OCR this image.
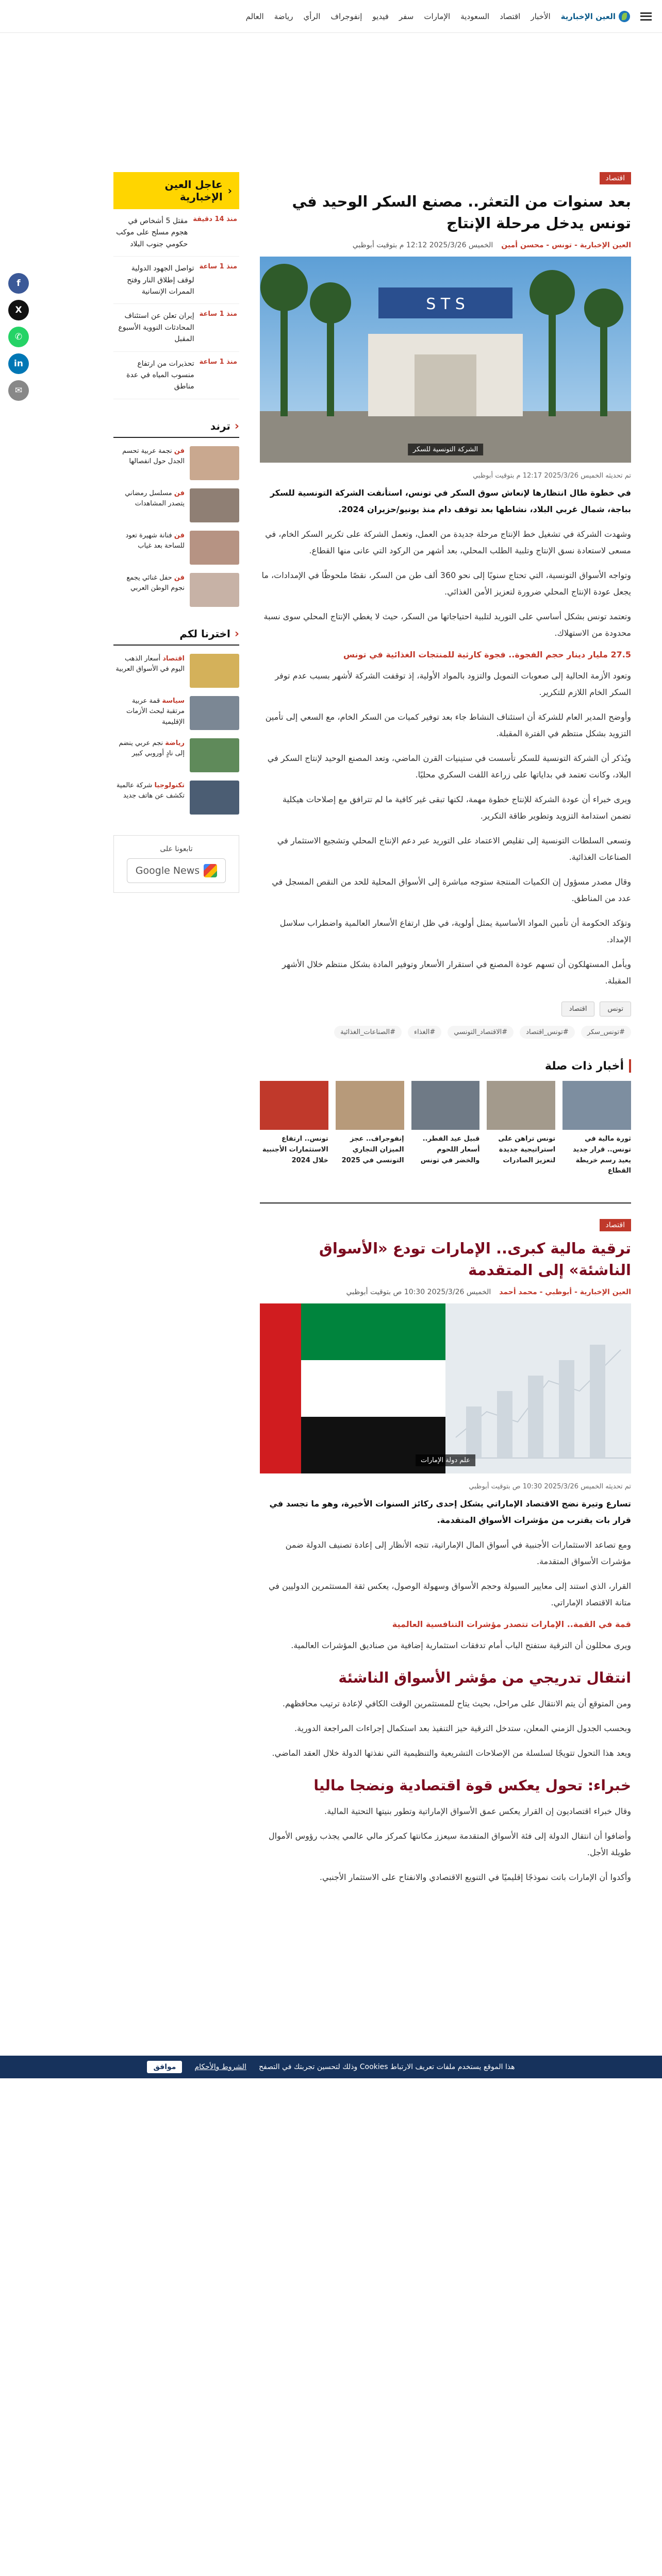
العين الإخبارية
الأخبار
اقتصاد
السعودية
الإمارات
سفر
فيديو
إنفوجراف
الرأي
رياضة
العالم
f
X
✆
in
✉
اقتصاد
بعد سنوات من التعثر.. مصنع السكر الوحيد في تونس يدخل مرحلة الإنتاج
العين الإخبارية - تونس - محسن أمين
الخميس 2025/3/26 12:12 م بتوقيت أبوظبي
S T S
الشركة التونسية للسكر
تم تحديثه الخميس 2025/3/26 12:17 م بتوقيت أبوظبي

في خطوة طال انتظارها لإنعاش سوق السكر في تونس، استأنفت الشركة التونسية للسكر بباجة، شمال غربي البلاد، نشاطها بعد توقف دام منذ يونيو/حزيران 2024.

وشهدت الشركة في تشغيل خط الإنتاج مرحلة جديدة من العمل، وتعمل الشركة على تكرير السكر الخام، في مسعى لاستعادة نسق الإنتاج وتلبية الطلب المحلي، بعد أشهر من الركود التي عانى منها القطاع.

وتواجه الأسواق التونسية، التي تحتاج سنويًا إلى نحو 360 ألف طن من السكر، نقصًا ملحوظًا في الإمدادات، ما يجعل عودة الإنتاج المحلي ضرورة لتعزيز الأمن الغذائي.

وتعتمد تونس بشكل أساسي على التوريد لتلبية احتياجاتها من السكر، حيث لا يغطي الإنتاج المحلي سوى نسبة محدودة من الاستهلاك.

27.5 مليار دينار حجم الفجوة.. فجوة كارثية للمنتجات الغذائية في تونس

وتعود الأزمة الحالية إلى صعوبات التمويل والتزود بالمواد الأولية، إذ توقفت الشركة لأشهر بسبب عدم توفر السكر الخام اللازم للتكرير.

وأوضح المدير العام للشركة أن استئناف النشاط جاء بعد توفير كميات من السكر الخام، مع السعي إلى تأمين التزويد بشكل منتظم في الفترة المقبلة.

ويُذكر أن الشركة التونسية للسكر تأسست في ستينيات القرن الماضي، وتعد المصنع الوحيد لإنتاج السكر في البلاد، وكانت تعتمد في بداياتها على زراعة اللفت السكري محليًا.

ويرى خبراء أن عودة الشركة للإنتاج خطوة مهمة، لكنها تبقى غير كافية ما لم تترافق مع إصلاحات هيكلية تضمن استدامة التزويد وتطوير طاقة التكرير.

وتسعى السلطات التونسية إلى تقليص الاعتماد على التوريد عبر دعم الإنتاج المحلي وتشجيع الاستثمار في الصناعات الغذائية.

وقال مصدر مسؤول إن الكميات المنتجة ستوجه مباشرة إلى الأسواق المحلية للحد من النقص المسجل في عدد من المناطق.

وتؤكد الحكومة أن تأمين المواد الأساسية يمثل أولوية، في ظل ارتفاع الأسعار العالمية واضطراب سلاسل الإمداد.

ويأمل المستهلكون أن تسهم عودة المصنع في استقرار الأسعار وتوفير المادة بشكل منتظم خلال الأشهر المقبلة.

تونس
اقتصاد
#تونس_سكر
#تونس_اقتصاد
#الاقتصاد_التونسي
#الغذاء
#الصناعات_الغذائية
أخبار ذات صلة
ثورة مالية في تونس.. قرار جديد يعيد رسم خريطة القطاع
تونس تراهن على استراتيجية جديدة لتعزيز الصادرات
قبيل عيد الفطر.. أسعار اللحوم والخضر في تونس
إنفوجراف.. عجز الميزان التجاري التونسي في 2025
تونس.. ارتفاع الاستثمارات الأجنبية خلال 2024
اقتصاد
ترقية مالية كبرى.. الإمارات تودع «الأسواق الناشئة» إلى المتقدمة
العين الإخبارية - أبوظبي - محمد أحمد
الخميس 2025/3/26 10:30 ص بتوقيت أبوظبي
علم دولة الإمارات
تم تحديثه الخميس 2025/3/26 10:30 ص بتوقيت أبوظبي

تسارع وتيرة نضج الاقتصاد الإماراتي يشكل إحدى ركائز السنوات الأخيرة، وهو ما تجسد في قرار بات يقترب من مؤشرات الأسواق المتقدمة.

ومع تصاعد الاستثمارات الأجنبية في أسواق المال الإماراتية، تتجه الأنظار إلى إعادة تصنيف الدولة ضمن مؤشرات الأسواق المتقدمة.

القرار، الذي استند إلى معايير السيولة وحجم الأسواق وسهولة الوصول، يعكس ثقة المستثمرين الدوليين في متانة الاقتصاد الإماراتي.

قمة في القمة.. الإمارات تتصدر مؤشرات التنافسية العالمية

ويرى محللون أن الترقية ستفتح الباب أمام تدفقات استثمارية إضافية من صناديق المؤشرات العالمية.

انتقال تدريجي من مؤشر الأسواق الناشئة

ومن المتوقع أن يتم الانتقال على مراحل، بحيث يتاح للمستثمرين الوقت الكافي لإعادة ترتيب محافظهم.

وبحسب الجدول الزمني المعلن، ستدخل الترقية حيز التنفيذ بعد استكمال إجراءات المراجعة الدورية.

ويعد هذا التحول تتويجًا لسلسلة من الإصلاحات التشريعية والتنظيمية التي نفذتها الدولة خلال العقد الماضي.

خبراء: تحول يعكس قوة اقتصادية ونضجا ماليا

وقال خبراء اقتصاديون إن القرار يعكس عمق الأسواق الإماراتية وتطور بنيتها التحتية المالية.

وأضافوا أن انتقال الدولة إلى فئة الأسواق المتقدمة سيعزز مكانتها كمركز مالي عالمي يجذب رؤوس الأموال طويلة الأجل.

وأكدوا أن الإمارات باتت نموذجًا إقليميًا في التنويع الاقتصادي والانفتاح على الاستثمار الأجنبي.

‹
عاجل العين الإخبارية
منذ 14 دقيقة
مقتل 5 أشخاص في هجوم مسلح على موكب حكومي جنوب البلاد
منذ 1 ساعة
تواصل الجهود الدولية لوقف إطلاق النار وفتح الممرات الإنسانية
منذ 1 ساعة
إيران تعلن عن استئناف المحادثات النووية الأسبوع المقبل
منذ 1 ساعة
تحذيرات من ارتفاع منسوب المياه في عدة مناطق
‹
ترند
فن نجمة عربية تحسم الجدل حول انفصالها
فن مسلسل رمضاني يتصدر المشاهدات
فن فنانة شهيرة تعود للساحة بعد غياب
فن حفل غنائي يجمع نجوم الوطن العربي
‹
اخترنا لكم
اقتصاد أسعار الذهب اليوم في الأسواق العربية
سياسة قمة عربية مرتقبة لبحث الأزمات الإقليمية
رياضة نجم عربي ينضم إلى نادٍ أوروبي كبير
تكنولوجيا شركة عالمية تكشف عن هاتف جديد
تابعونا على
Google News
هذا الموقع يستخدم ملفات تعريف الارتباط Cookies وذلك لتحسين تجربتك في التصفح
الشروط والأحكام
موافق
